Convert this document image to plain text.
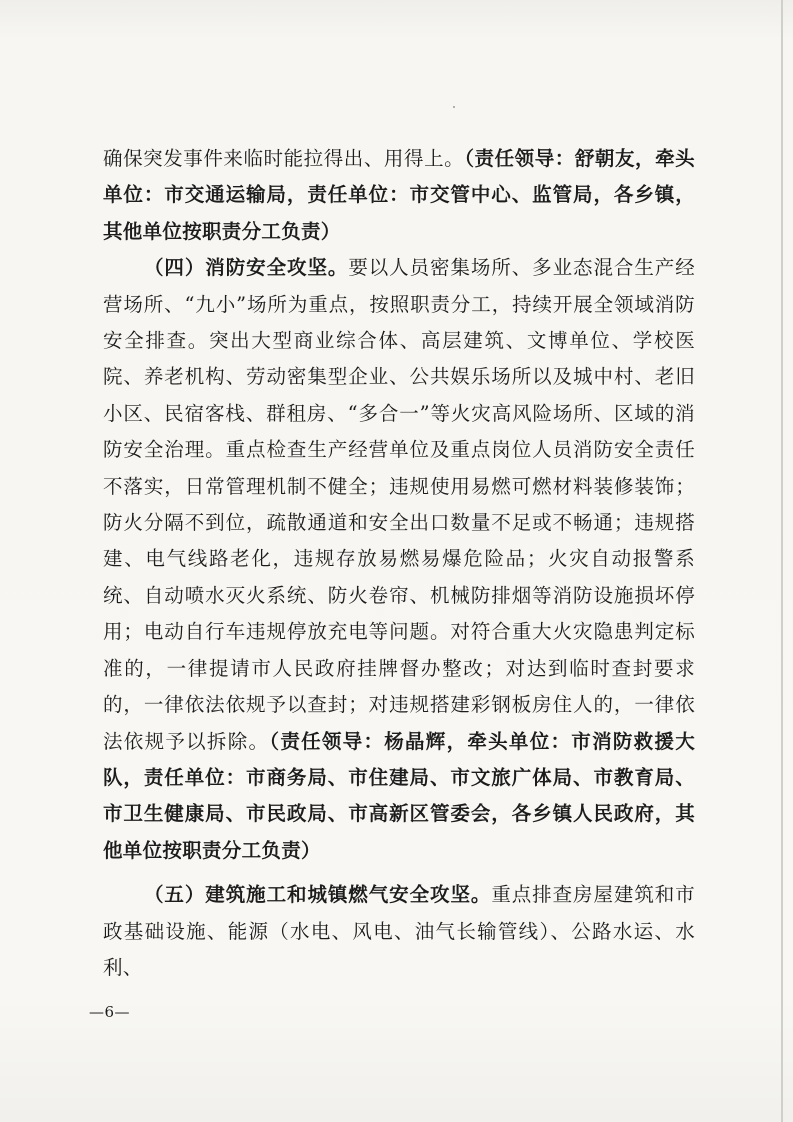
确保突发事件来临时能拉得出、用得上。（责任领导：舒朝友，牵头单位：市交通运输局，责任单位：市交管中心、监管局，各乡镇，其他单位按职责分工负责）

（四）消防安全攻坚。要以人员密集场所、多业态混合生产经营场所、“九小”场所为重点，按照职责分工，持续开展全领域消防安全排查。突出大型商业综合体、高层建筑、文博单位、学校医院、养老机构、劳动密集型企业、公共娱乐场所以及城中村、老旧小区、民宿客栈、群租房、“多合一”等火灾高风险场所、区域的消防安全治理。重点检查生产经营单位及重点岗位人员消防安全责任不落实，日常管理机制不健全；违规使用易燃可燃材料装修装饰；防火分隔不到位，疏散通道和安全出口数量不足或不畅通；违规搭建、电气线路老化，违规存放易燃易爆危险品；火灾自动报警系统、自动喷水灭火系统、防火卷帘、机械防排烟等消防设施损坏停用；电动自行车违规停放充电等问题。对符合重大火灾隐患判定标准的，一律提请市人民政府挂牌督办整改；对达到临时查封要求的，一律依法依规予以查封；对违规搭建彩钢板房住人的，一律依法依规予以拆除。（责任领导：杨晶辉，牵头单位：市消防救援大队，责任单位：市商务局、市住建局、市文旅广体局、市教育局、市卫生健康局、市民政局、市高新区管委会，各乡镇人民政府，其他单位按职责分工负责）

（五）建筑施工和城镇燃气安全攻坚。重点排查房屋建筑和市政基础设施、能源（水电、风电、油气长输管线）、公路水运、水利、

—6—
